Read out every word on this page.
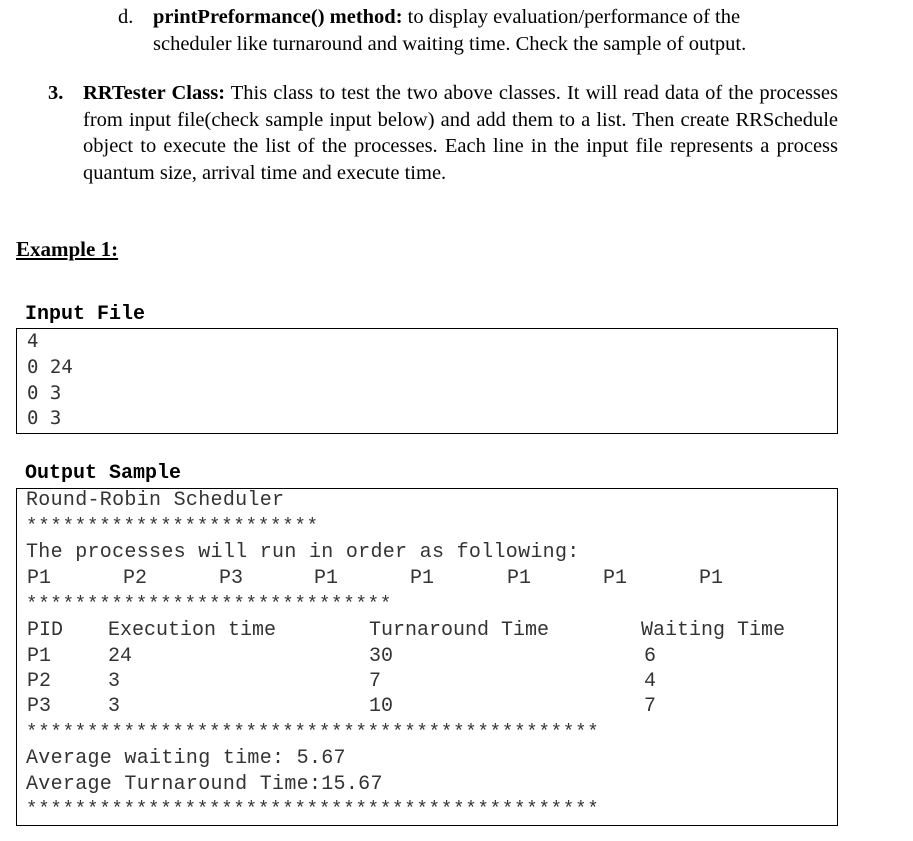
d. printPreformance() method: to display evaluation/performance of the
scheduler like turnaround and waiting time. Check the sample of output.
3. RRTester Class: This class to test the two above classes. It will read data of the processes from input file(check sample input below) and add them to a list. Then create RRSchedule object to execute the list of the processes. Each line in the input file represents a process quantum size, arrival time and execute time.
Example 1:
Input File
4
0 24
0 3
0 3
Output Sample
Round-Robin Scheduler
************************
The processes will run in order as following:
P1	P2	P3	P1	P1	P1	P1	P1
******************************
PID Execution time	Turnaround Time	Waiting Time
P1	24	30	6
P2	3	7	4
P3	3	10	7
***********************************************
Average waiting time: 5.67
Average Turnaround Time:15.67
***********************************************
